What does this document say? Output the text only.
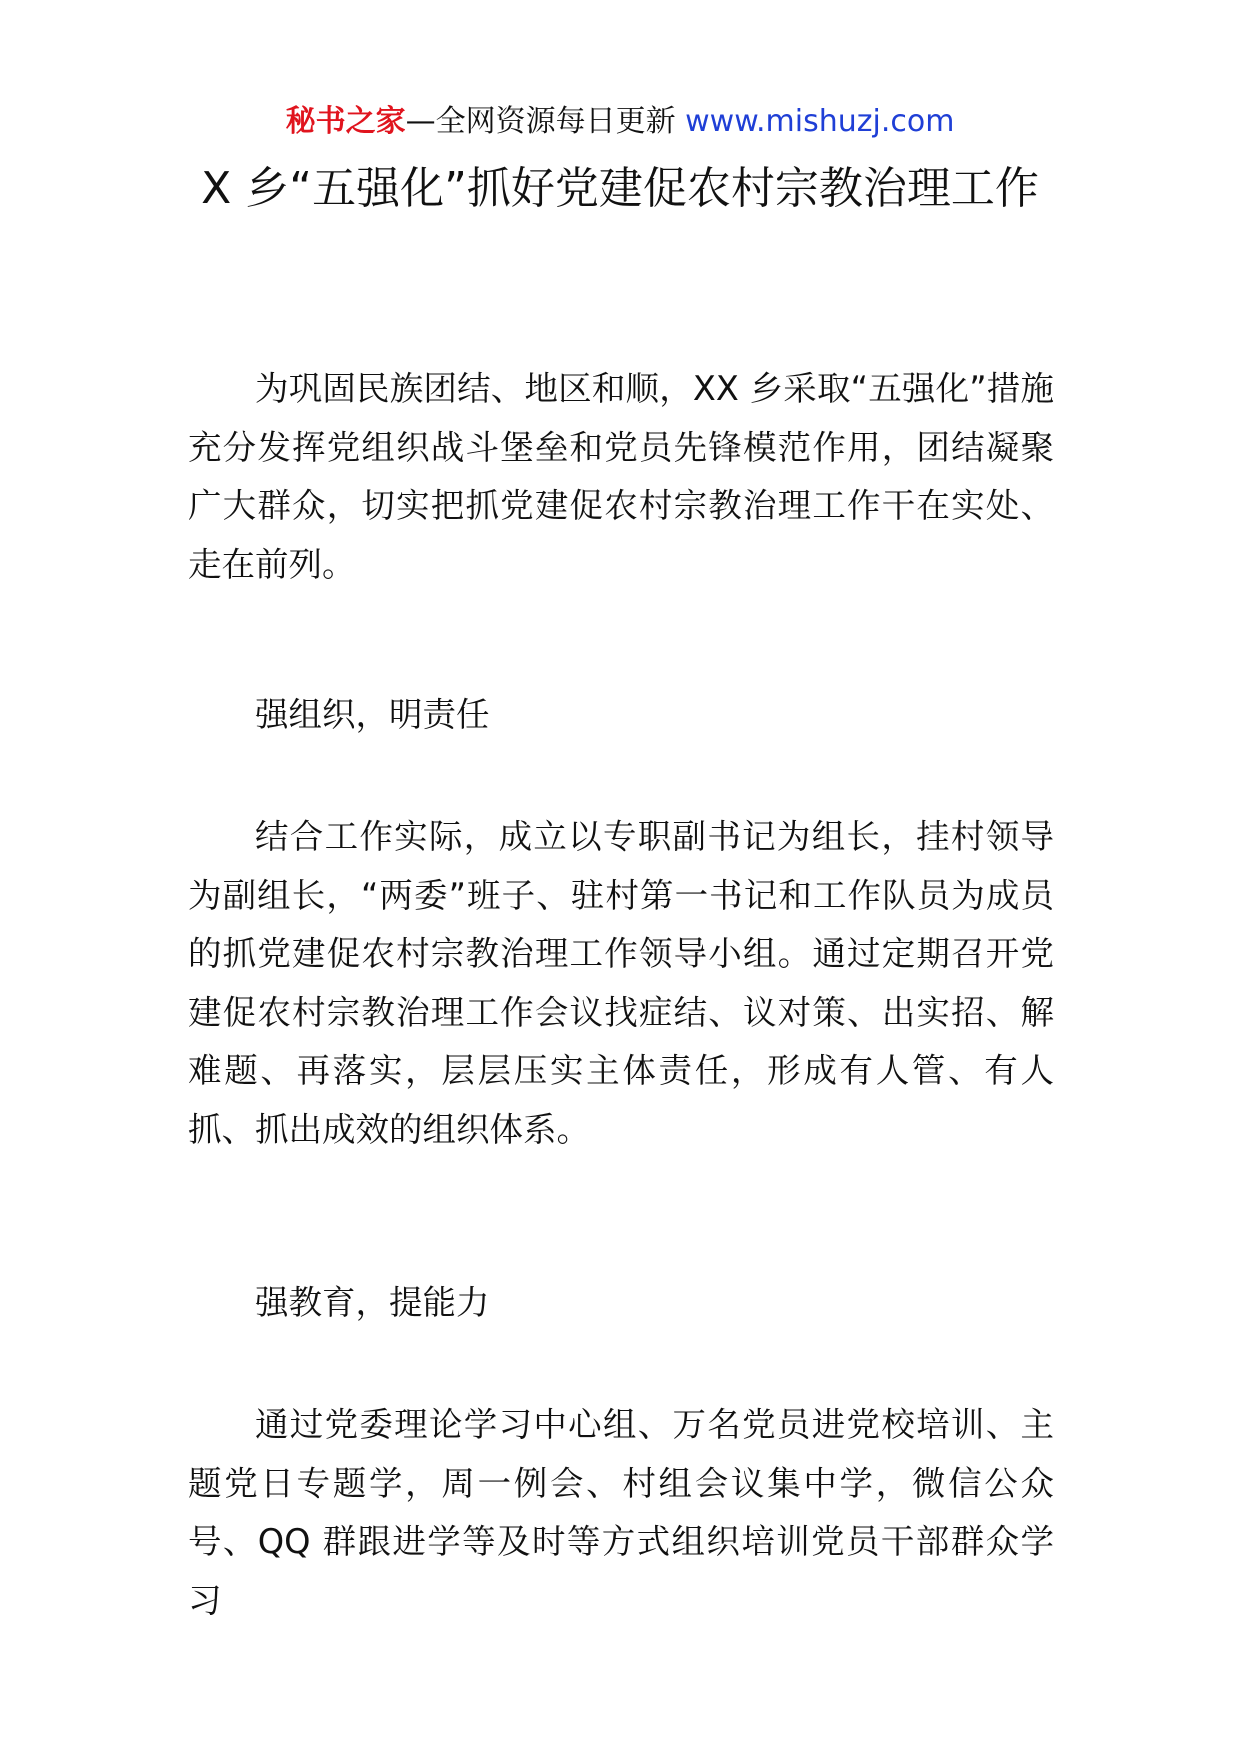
秘书之家—全网资源每日更新 www.mishuzj.com
X 乡“五强化”抓好党建促农村宗教治理工作

为巩固民族团结、地区和顺，XX 乡采取“五强化”措施充分发挥党组织战斗堡垒和党员先锋模范作用，团结凝聚广大群众，切实把抓党建促农村宗教治理工作干在实处、走在前列。

强组织，明责任

结合工作实际，成立以专职副书记为组长，挂村领导为副组长，“两委”班子、驻村第一书记和工作队员为成员的抓党建促农村宗教治理工作领导小组。通过定期召开党建促农村宗教治理工作会议找症结、议对策、出实招、解难题、再落实，层层压实主体责任，形成有人管、有人抓、抓出成效的组织体系。

强教育，提能力

通过党委理论学习中心组、万名党员进党校培训、主题党日专题学，周一例会、村组会议集中学，微信公众号、QQ 群跟进学等及时等方式组织培训党员干部群众学习
